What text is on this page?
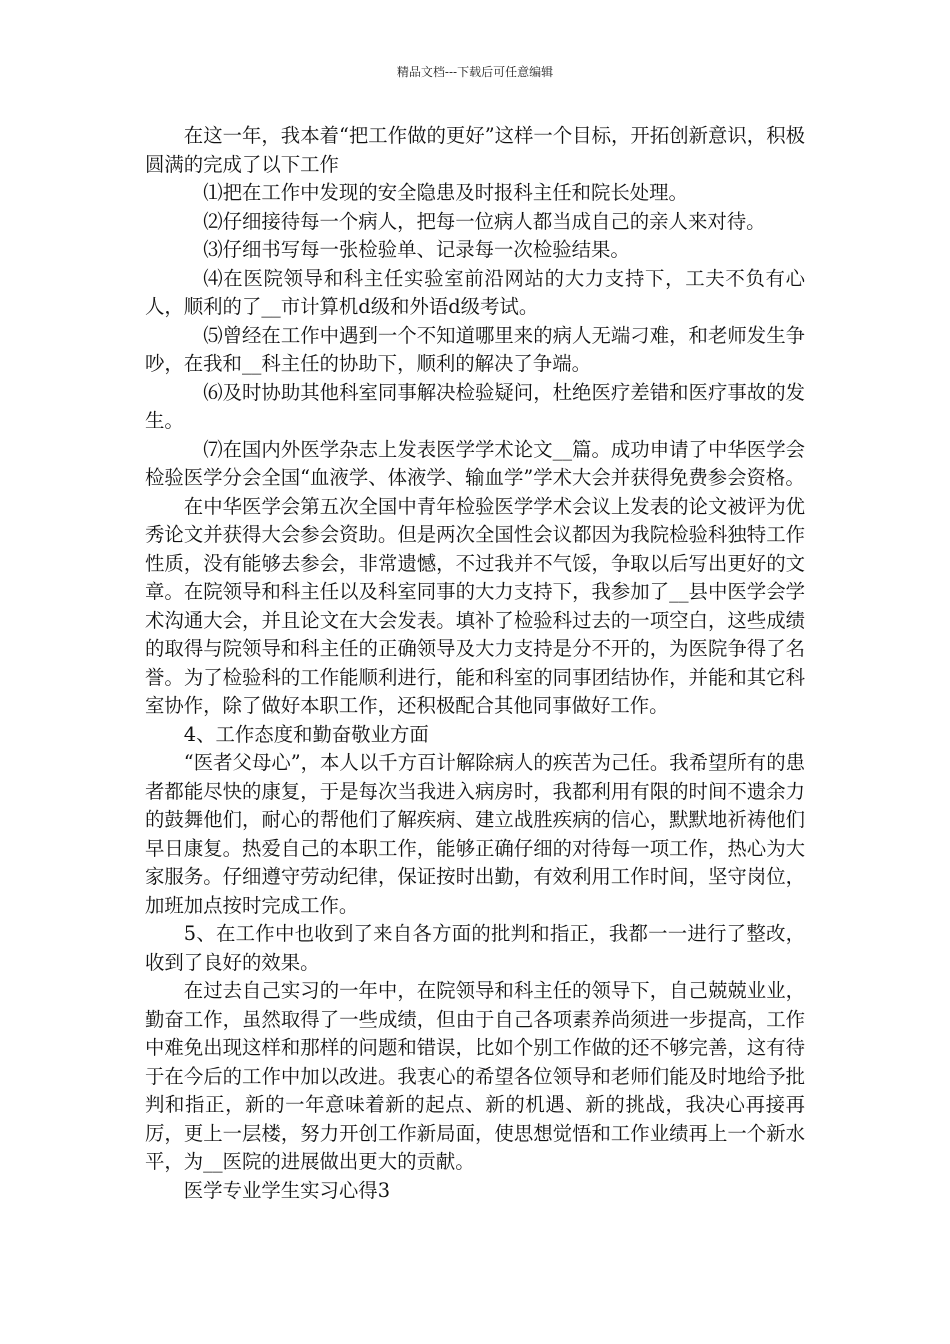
精品文档---下载后可任意编辑

在这一年，我本着“把工作做的更好”这样一个目标，开拓创新意识，积极圆满的完成了以下工作

⑴把在工作中发现的安全隐患及时报科主任和院长处理。

⑵仔细接待每一个病人，把每一位病人都当成自己的亲人来对待。

⑶仔细书写每一张检验单、记录每一次检验结果。

⑷在医院领导和科主任实验室前沿网站的大力支持下，工夫不负有心人，顺利的了__市计算机d级和外语d级考试。

⑸曾经在工作中遇到一个不知道哪里来的病人无端刁难，和老师发生争吵，在我和__科主任的协助下，顺利的解决了争端。

⑹及时协助其他科室同事解决检验疑问，杜绝医疗差错和医疗事故的发生。

⑺在国内外医学杂志上发表医学学术论文__篇。成功申请了中华医学会检验医学分会全国“血液学、体液学、输血学”学术大会并获得免费参会资格。

在中华医学会第五次全国中青年检验医学学术会议上发表的论文被评为优秀论文并获得大会参会资助。但是两次全国性会议都因为我院检验科独特工作性质，没有能够去参会，非常遗憾，不过我并不气馁，争取以后写出更好的文章。在院领导和科主任以及科室同事的大力支持下，我参加了__县中医学会学术沟通大会，并且论文在大会发表。填补了检验科过去的一项空白，这些成绩的取得与院领导和科主任的正确领导及大力支持是分不开的，为医院争得了名誉。为了检验科的工作能顺利进行，能和科室的同事团结协作，并能和其它科室协作，除了做好本职工作，还积极配合其他同事做好工作。

4、工作态度和勤奋敬业方面

“医者父母心”，本人以千方百计解除病人的疾苦为己任。我希望所有的患者都能尽快的康复，于是每次当我进入病房时，我都利用有限的时间不遗余力的鼓舞他们，耐心的帮他们了解疾病、建立战胜疾病的信心，默默地祈祷他们早日康复。热爱自己的本职工作，能够正确仔细的对待每一项工作，热心为大家服务。仔细遵守劳动纪律，保证按时出勤，有效利用工作时间，坚守岗位，加班加点按时完成工作。

5、在工作中也收到了来自各方面的批判和指正，我都一一进行了整改，收到了良好的效果。

在过去自己实习的一年中，在院领导和科主任的领导下，自己兢兢业业，勤奋工作，虽然取得了一些成绩，但由于自己各项素养尚须进一步提高，工作中难免出现这样和那样的问题和错误，比如个别工作做的还不够完善，这有待于在今后的工作中加以改进。我衷心的希望各位领导和老师们能及时地给予批判和指正，新的一年意味着新的起点、新的机遇、新的挑战，我决心再接再厉，更上一层楼，努力开创工作新局面，使思想觉悟和工作业绩再上一个新水平，为__医院的进展做出更大的贡献。

医学专业学生实习心得3
